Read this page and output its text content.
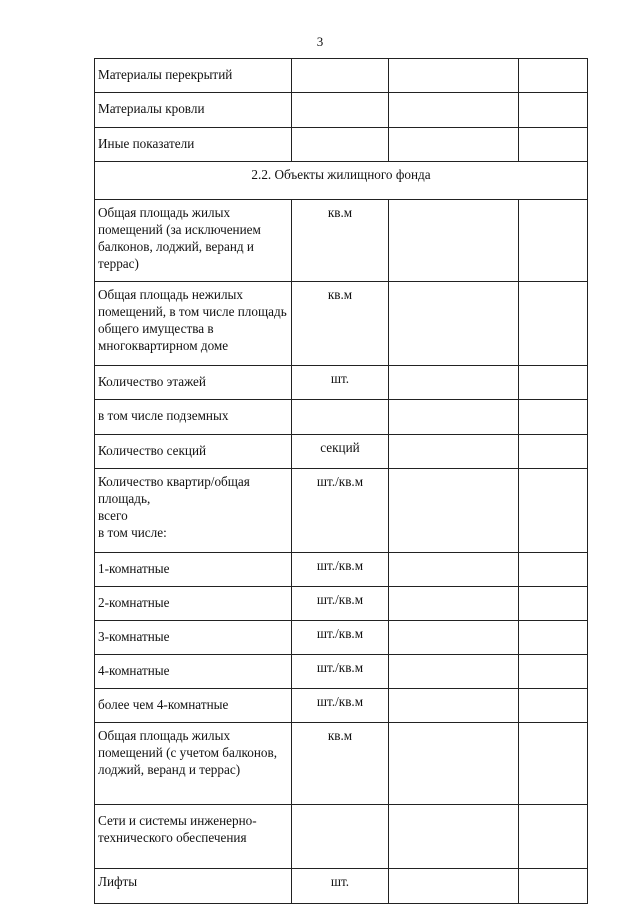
3
Материалы перекрытий			
Материалы кровли			
Иные показатели			
2.2. Объекты жилищного фонда			
Общая площадь жилых помещений (за исключением балконов, лоджий, веранд и террас)	кв.м		
Общая площадь нежилых помещений, в том числе площадь общего имущества в многоквартирном доме	кв.м		
Количество этажей	шт.		
в том числе подземных			
Количество секций	секций		

Количество квартир/общая площадь,
всего
в том числе:	шт./кв.м		
1-комнатные	шт./кв.м		
2-комнатные	шт./кв.м		
3-комнатные	шт./кв.м		
4-комнатные	шт./кв.м		
более чем 4-комнатные	шт./кв.м		
Общая площадь жилых помещений (с учетом балконов, лоджий, веранд и террас)	кв.м		
Сети и системы инженерно-технического обеспечения			
Лифты	шт.		
